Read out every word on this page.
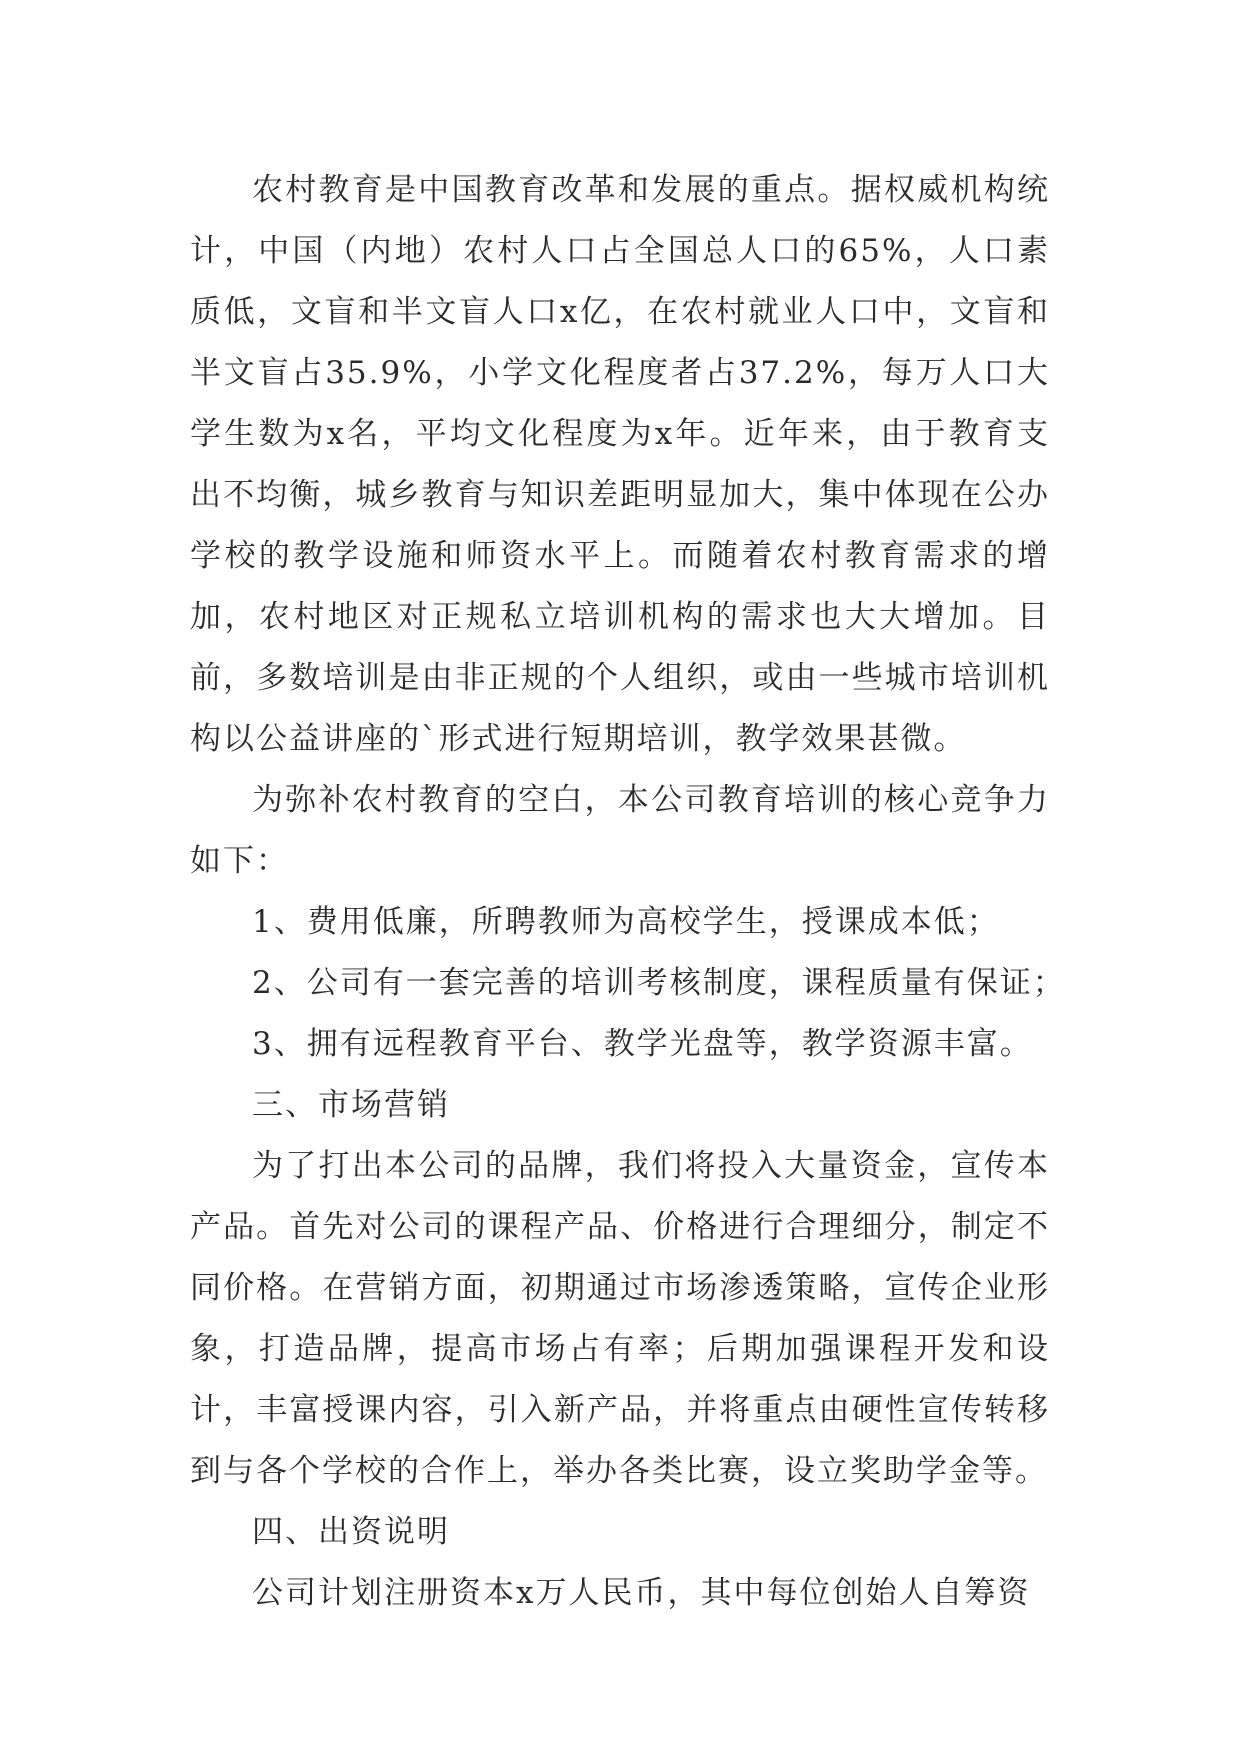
农村教育是中国教育改革和发展的重点。据权威机构统计，中国（内地）农村人口占全国总人口的65%，人口素质低，文盲和半文盲人口x亿，在农村就业人口中，文盲和半文盲占35.9%，小学文化程度者占37.2%，每万人口大学生数为x名，平均文化程度为x年。近年来，由于教育支出不均衡，城乡教育与知识差距明显加大，集中体现在公办学校的教学设施和师资水平上。而随着农村教育需求的增加，农村地区对正规私立培训机构的需求也大大增加。目前，多数培训是由非正规的个人组织，或由一些城市培训机构以公益讲座的`形式进行短期培训，教学效果甚微。

为弥补农村教育的空白，本公司教育培训的核心竞争力如下：

1、费用低廉，所聘教师为高校学生，授课成本低；

2、公司有一套完善的培训考核制度，课程质量有保证；

3、拥有远程教育平台、教学光盘等，教学资源丰富。

三、市场营销

为了打出本公司的品牌，我们将投入大量资金，宣传本产品。首先对公司的课程产品、价格进行合理细分，制定不同价格。在营销方面，初期通过市场渗透策略，宣传企业形象，打造品牌，提高市场占有率；后期加强课程开发和设计，丰富授课内容，引入新产品，并将重点由硬性宣传转移到与各个学校的合作上，举办各类比赛，设立奖助学金等。

四、出资说明

公司计划注册资本x万人民币，其中每位创始人自筹资
